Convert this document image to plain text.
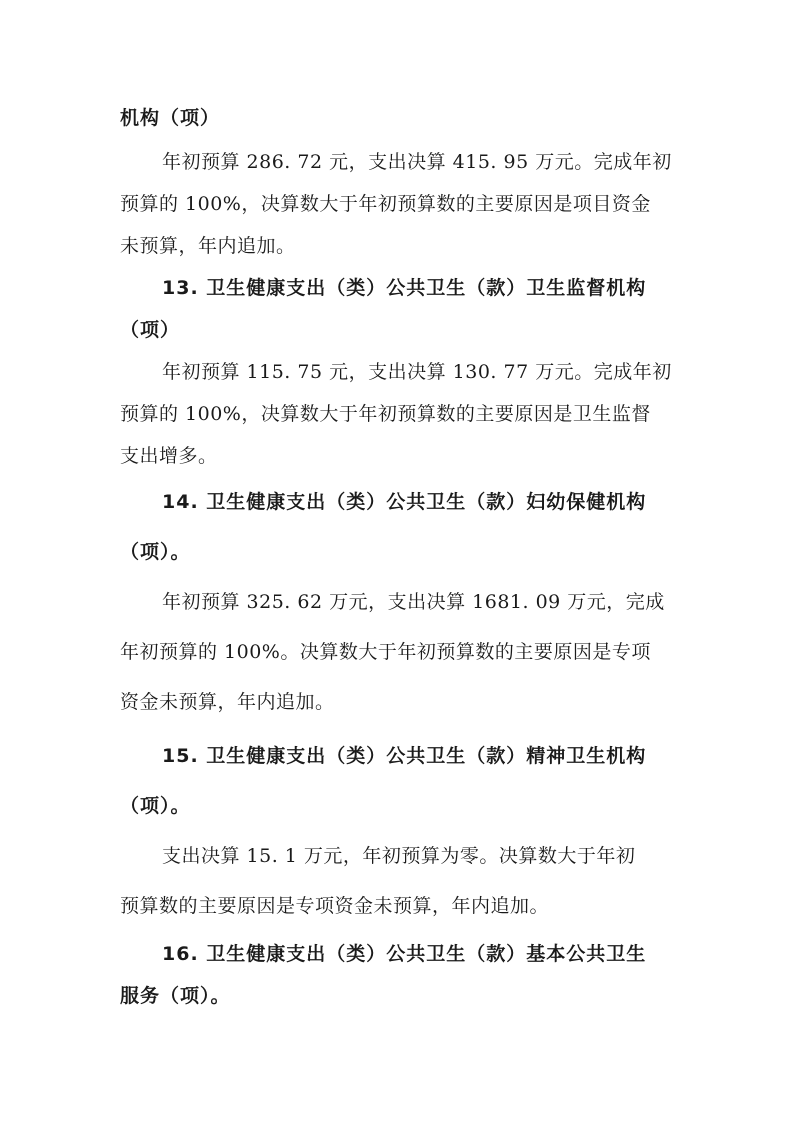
机构（项）
年初预算 286. 72 元，支出决算 415. 95 万元。完成年初
预算的 100%，决算数大于年初预算数的主要原因是项目资金
未预算，年内追加。
13. 卫生健康支出（类）公共卫生（款）卫生监督机构
（项）
年初预算 115. 75 元，支出决算 130. 77 万元。完成年初
预算的 100%，决算数大于年初预算数的主要原因是卫生监督
支出增多。
14. 卫生健康支出（类）公共卫生（款）妇幼保健机构
（项）。
年初预算 325. 62 万元，支出决算 1681. 09 万元，完成
年初预算的 100%。决算数大于年初预算数的主要原因是专项
资金未预算，年内追加。
15. 卫生健康支出（类）公共卫生（款）精神卫生机构
（项）。
支出决算 15. 1 万元，年初预算为零。决算数大于年初
预算数的主要原因是专项资金未预算，年内追加。
16. 卫生健康支出（类）公共卫生（款）基本公共卫生
服务（项）。
